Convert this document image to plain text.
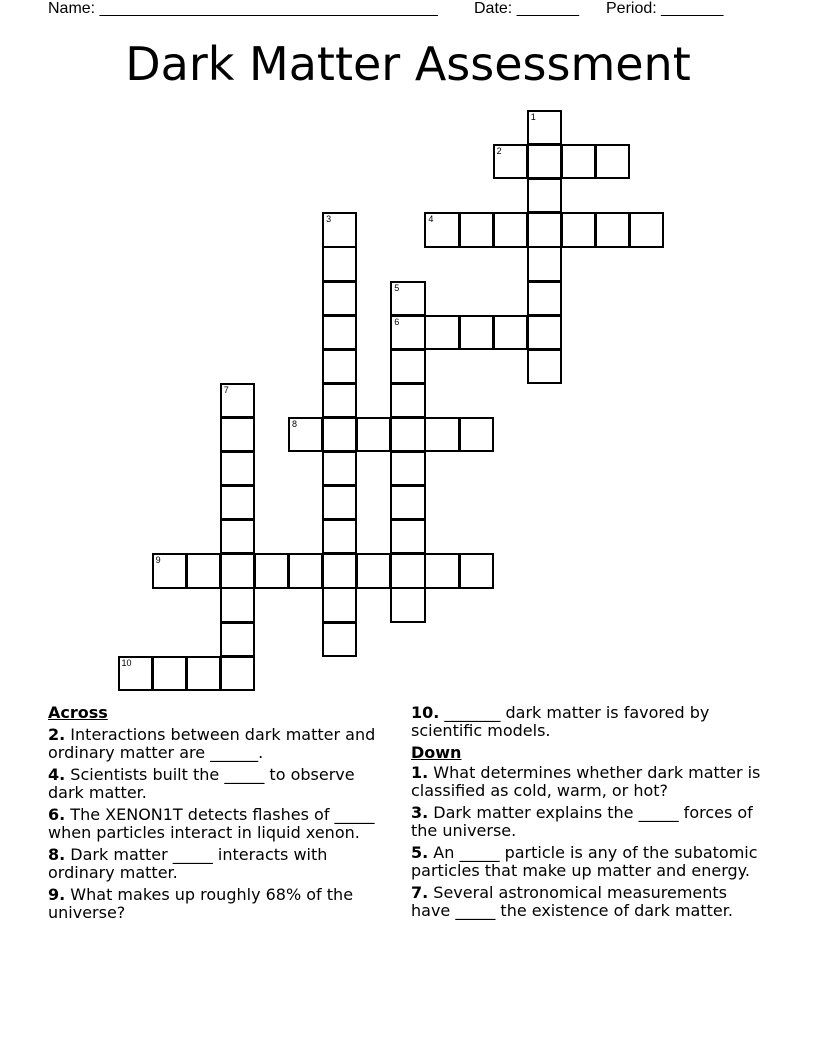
Name: ______________________________________

Date: _______

Period: _______

Dark Matter Assessment
1
2
3	4
5
6
7
8
9
10
Across
2. Interactions between dark matter and ordinary matter are ______.
4. Scientists built the _____ to observe dark matter.
6. The XENON1T detects flashes of _____ when particles interact in liquid xenon.
8. Dark matter _____ interacts with ordinary matter.
9. What makes up roughly 68% of the universe?
10. _______ dark matter is favored by scientific models.
Down
1. What determines whether dark matter is classified as cold, warm, or hot?
3. Dark matter explains the _____ forces of the universe.
5. An _____ particle is any of the subatomic particles that make up matter and energy.
7. Several astronomical measurements have _____ the existence of dark matter.
